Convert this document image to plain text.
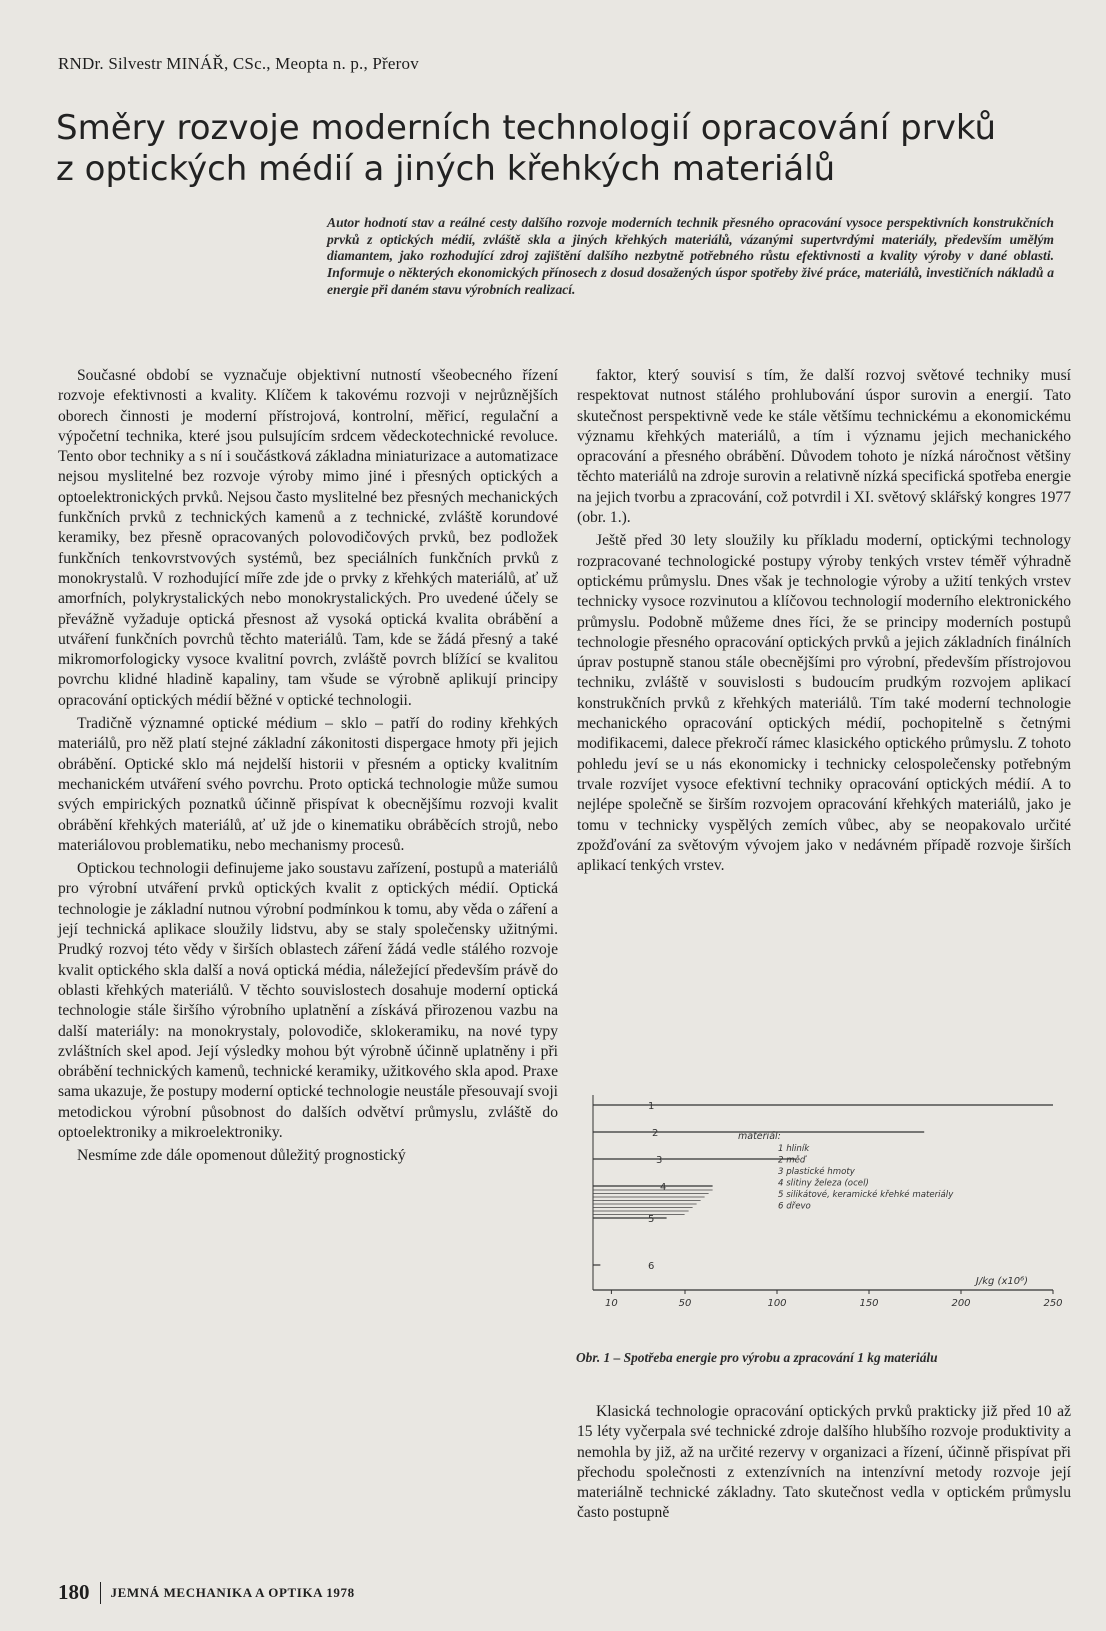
RNDr. Silvestr MINÁŘ, CSc., Meopta n. p., Přerov
Směry rozvoje moderních technologií opracování prvků
z optických médií a jiných křehkých materiálů

Autor hodnotí stav a reálné cesty dalšího rozvoje moderních technik přesného opracování vysoce perspektivních konstrukčních prvků z optických médií, zvláště skla a jiných křehkých materiálů, vázanými supertvrdými materiály, především umělým diamantem, jako rozhodující zdroj zajištění dalšího nezbytně potřebného růstu efektivnosti a kvality výroby v dané oblasti. Informuje o některých ekonomických přínosech z dosud dosažených úspor spotřeby živé práce, materiálů, investičních nákladů a energie při daném stavu výrobních realizací.

Současné období se vyznačuje objektivní nutností všeobecného řízení rozvoje efektivnosti a kvality. Klíčem k takovému rozvoji v nejrůznějších oborech činnosti je moderní přístrojová, kontrolní, měřicí, regulační a výpočetní technika, které jsou pulsujícím srdcem vědeckotechnické revoluce. Tento obor techniky a s ní i součástková základna miniaturizace a automatizace nejsou myslitelné bez rozvoje výroby mimo jiné i přesných optických a optoelektronických prvků. Nejsou často myslitelné bez přesných mechanických funkčních prvků z technických kamenů a z technické, zvláště korundové keramiky, bez přesně opracovaných polovodičových prvků, bez podložek funkčních tenkovrstvových systémů, bez speciálních funkčních prvků z monokrystalů. V rozhodující míře zde jde o prvky z křehkých materiálů, ať už amorfních, polykrystalických nebo monokrystalických. Pro uvedené účely se převážně vyžaduje optická přesnost až vysoká optická kvalita obrábění a utváření funkčních povrchů těchto materiálů. Tam, kde se žádá přesný a také mikromorfologicky vysoce kvalitní povrch, zvláště povrch blížící se kvalitou povrchu klidné hladině kapaliny, tam všude se výrobně aplikují principy opracování optických médií běžné v optické technologii.

Tradičně významné optické médium – sklo – patří do rodiny křehkých materiálů, pro něž platí stejné základní zákonitosti dispergace hmoty při jejich obrábění. Optické sklo má nejdelší historii v přesném a opticky kvalitním mechanickém utváření svého povrchu. Proto optická technologie může sumou svých empirických poznatků účinně přispívat k obecnějšímu rozvoji kvalit obrábění křehkých materiálů, ať už jde o kinematiku obráběcích strojů, nebo materiálovou problematiku, nebo mechanismy procesů.

Optickou technologii definujeme jako soustavu zařízení, postupů a materiálů pro výrobní utváření prvků optických kvalit z optických médií. Optická technologie je základní nutnou výrobní podmínkou k tomu, aby věda o záření a její technická aplikace sloužily lidstvu, aby se staly společensky užitnými. Prudký rozvoj této vědy v širších oblastech záření žádá vedle stálého rozvoje kvalit optického skla další a nová optická média, náležející především právě do oblasti křehkých materiálů. V těchto souvislostech dosahuje moderní optická technologie stále širšího výrobního uplatnění a získává přirozenou vazbu na další materiály: na monokrystaly, polovodiče, sklokeramiku, na nové typy zvláštních skel apod. Její výsledky mohou být výrobně účinně uplatněny i při obrábění technických kamenů, technické keramiky, užitkového skla apod. Praxe sama ukazuje, že postupy moderní optické technologie neustále přesouvají svoji metodickou výrobní působnost do dalších odvětví průmyslu, zvláště do optoelektroniky a mikroelektroniky.

Nesmíme zde dále opomenout důležitý prognostický

faktor, který souvisí s tím, že další rozvoj světové techniky musí respektovat nutnost stálého prohlubování úspor surovin a energií. Tato skutečnost perspektivně vede ke stále většímu technickému a ekonomickému významu křehkých materiálů, a tím i významu jejich mechanického opracování a přesného obrábění. Důvodem tohoto je nízká náročnost většiny těchto materiálů na zdroje surovin a relativně nízká specifická spotřeba energie na jejich tvorbu a zpracování, což potvrdil i XI. světový sklářský kongres 1977 (obr. 1.).

Ještě před 30 lety sloužily ku příkladu moderní, optickými technology rozpracované technologické postupy výroby tenkých vrstev téměř výhradně optickému průmyslu. Dnes však je technologie výroby a užití tenkých vrstev technicky vysoce rozvinutou a klíčovou technologií moderního elektronického průmyslu. Podobně můžeme dnes říci, že se principy moderních postupů technologie přesného opracování optických prvků a jejich základních finálních úprav postupně stanou stále obecnějšími pro výrobní, především přístrojovou techniku, zvláště v souvislosti s budoucím prudkým rozvojem aplikací konstrukčních prvků z křehkých materiálů. Tím také moderní technologie mechanického opracování optických médií, pochopitelně s četnými modifikacemi, dalece překročí rámec klasického optického průmyslu. Z tohoto pohledu jeví se u nás ekonomicky i technicky celospolečensky potřebným trvale rozvíjet vysoce efektivní techniky opracování optických médií. A to nejlépe společně se širším rozvojem opracování křehkých materiálů, jako je tomu v technicky vyspělých zemích vůbec, aby se neopakovalo určité zpožďování za světovým vývojem jako v nedávném případě rozvoje širších aplikací tenkých vrstev.

1
2
3
4
5
6
10	50	100	150	200	250
J/kg (x10⁶)
materiál:
1 hliník
2 měď
3 plastické hmoty
4 slitiny železa (ocel)
5 silikátové, keramické křehké materiály
6 dřevo
Obr. 1 – Spotřeba energie pro výrobu a zpracování 1 kg materiálu

Klasická technologie opracování optických prvků prakticky již před 10 až 15 léty vyčerpala své technické zdroje dalšího hlubšího rozvoje produktivity a nemohla by již, až na určité rezervy v organizaci a řízení, účinně přispívat při přechodu společnosti z extenzívních na intenzívní metody rozvoje její materiálně technické základny. Tato skutečnost vedla v optickém průmyslu často postupně

180 JEMNÁ MECHANIKA A OPTIKA 1978
